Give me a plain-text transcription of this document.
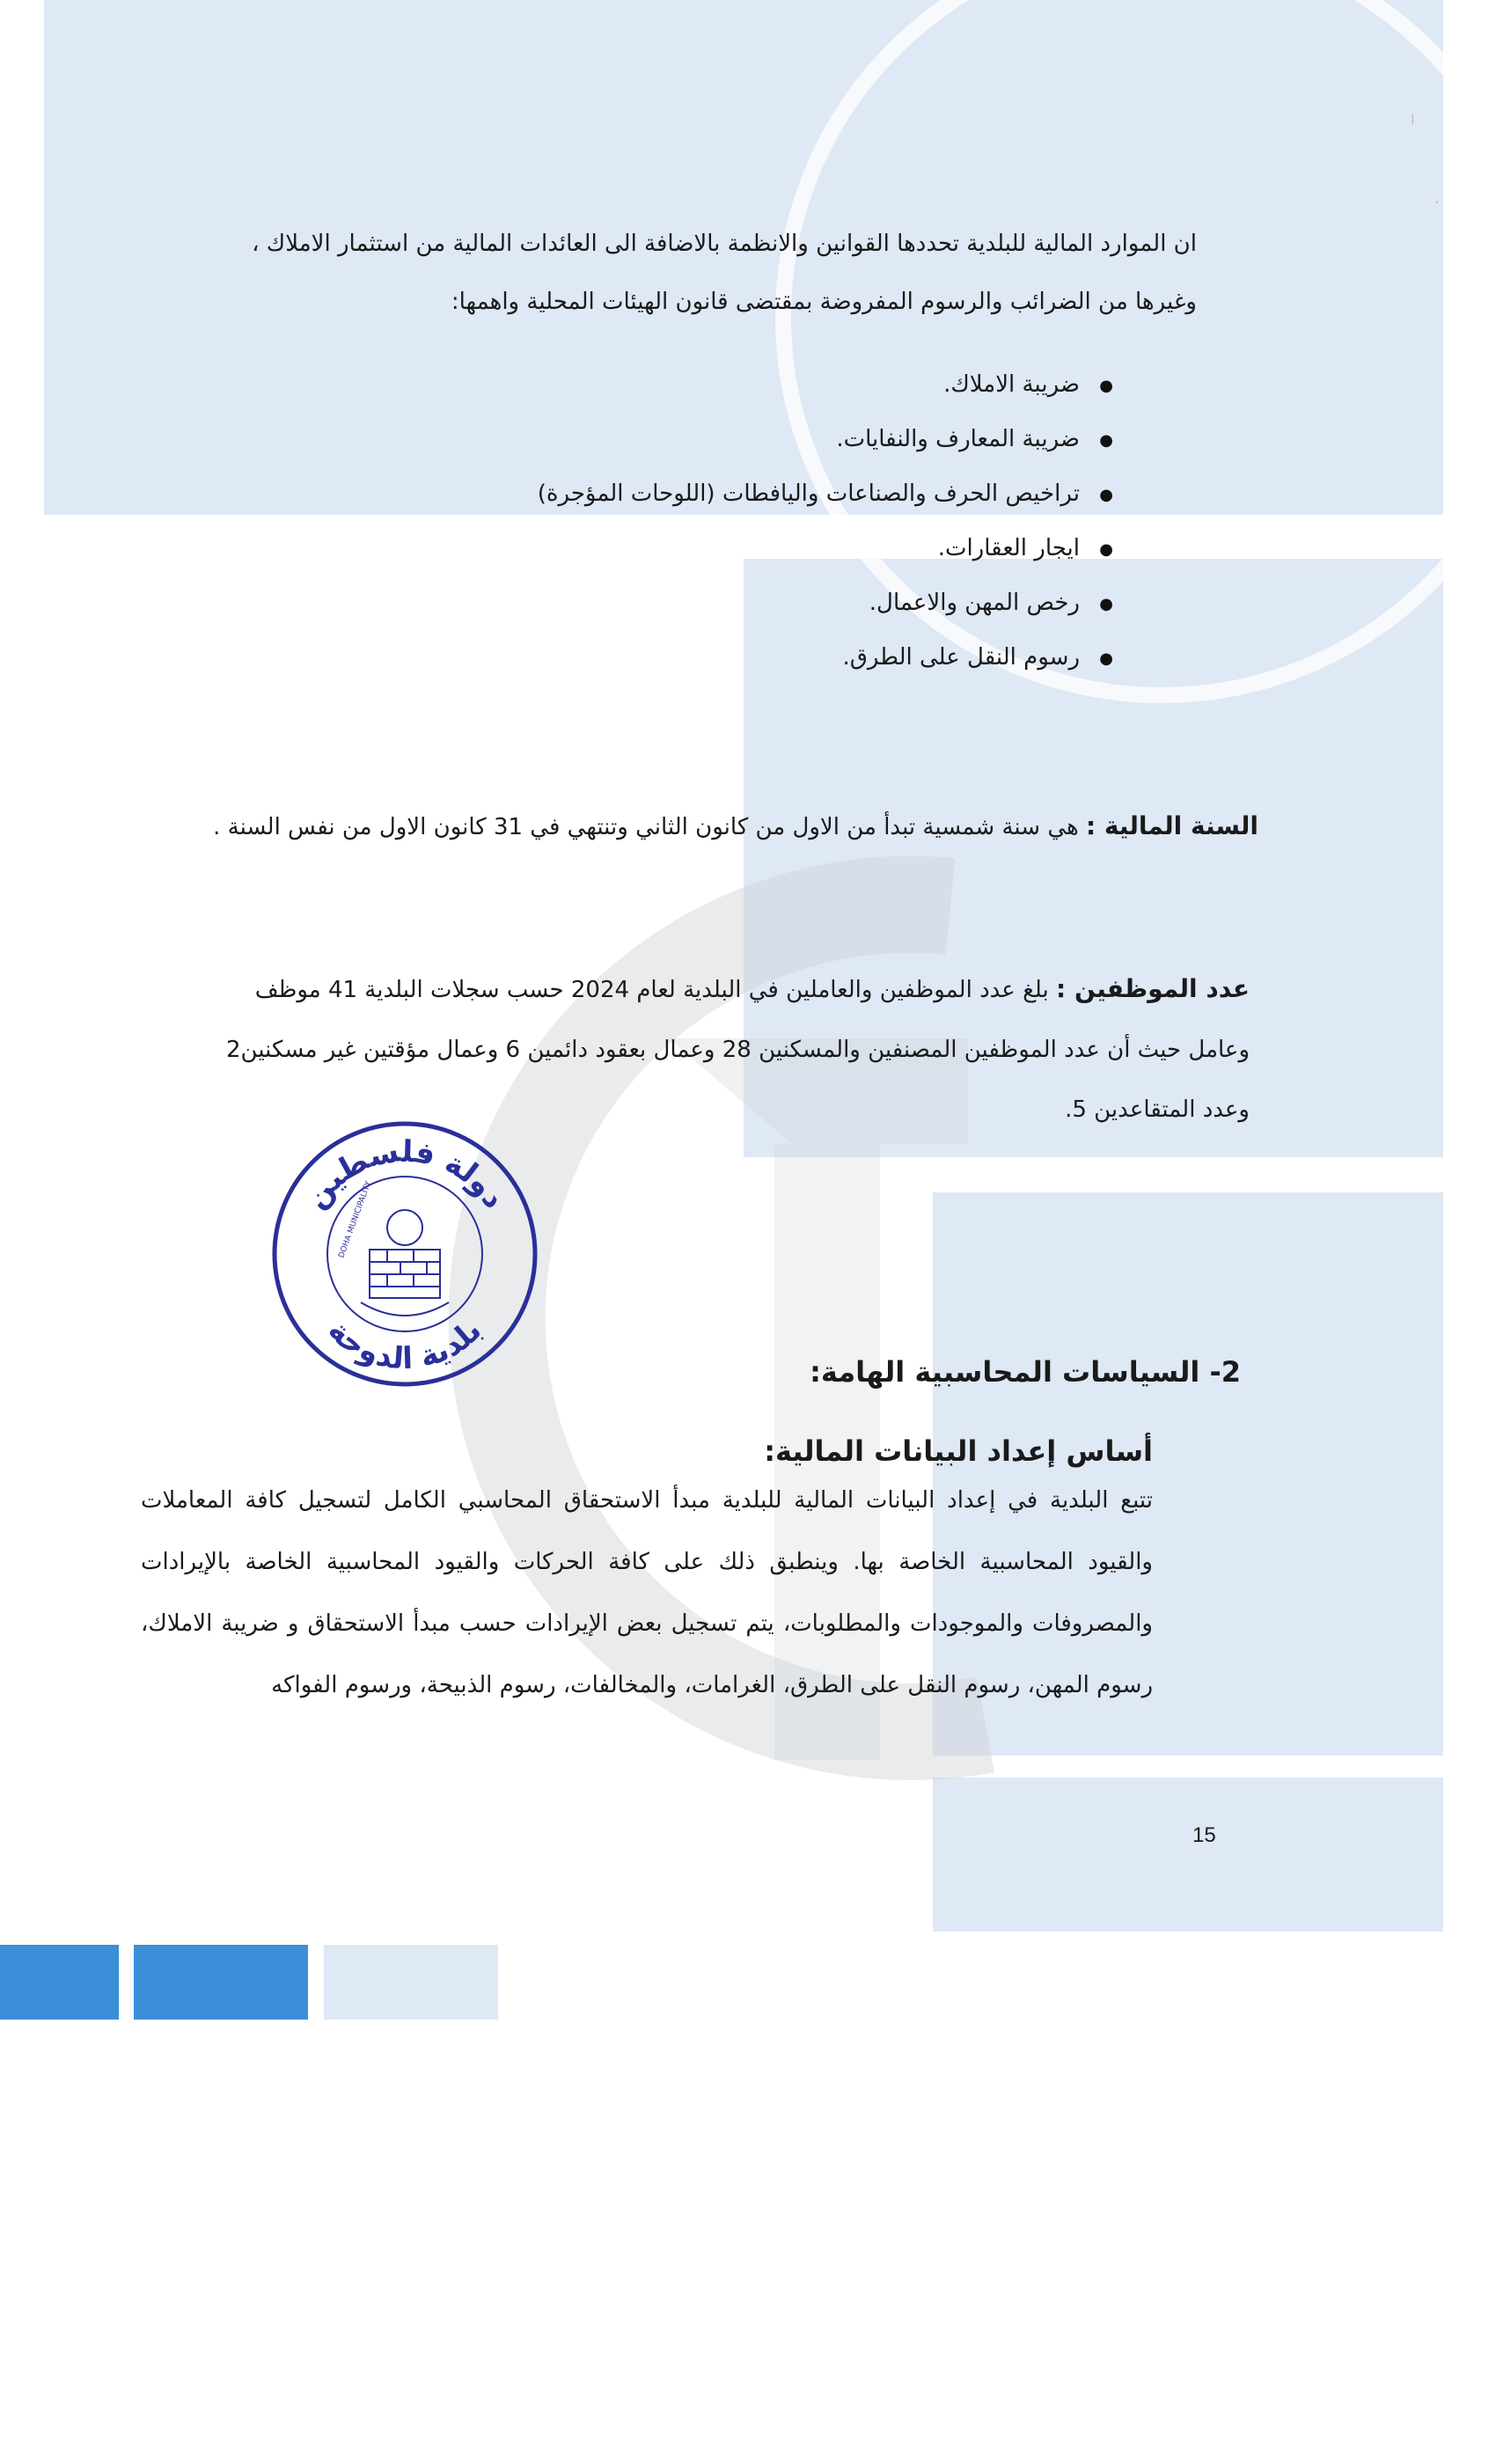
ان الموارد المالية للبلدية تحددها القوانين والانظمة بالاضافة الى العائدات المالية من استثمار الاملاك ،

وغيرها من الضرائب والرسوم المفروضة بمقتضى قانون الهيئات المحلية واهمها:

● ضريبة الاملاك.
● ضريبة المعارف والنفايات.
● تراخيص الحرف والصناعات واليافطات (اللوحات المؤجرة)
● ايجار العقارات.
● رخص المهن والاعمال.
● رسوم النقل على الطرق.
السنة المالية : هي سنة شمسية تبدأ من الاول من كانون الثاني وتنتهي في 31 كانون الاول من نفس السنة .
عدد الموظفين : بلغ عدد الموظفين والعاملين في البلدية لعام 2024 حسب سجلات البلدية 41 موظف وعامل حيث أن عدد الموظفين المصنفين والمسكنين 28 وعمال بعقود دائمين 6 وعمال مؤقتين غير مسكنين2 وعدد المتقاعدين 5.
دولة فلسطين
بلدية الدوحة
DOHA MUNICIPALITY
2- السياسات المحاسبية الهامة:
أساس إعداد البيانات المالية:
تتبع البلدية في إعداد البيانات المالية للبلدية مبدأ الاستحقاق المحاسبي الكامل لتسجيل كافة المعاملات والقيود المحاسبية الخاصة بها. وينطبق ذلك على كافة الحركات والقيود المحاسبية الخاصة بالإيرادات والمصروفات والموجودات والمطلوبات، يتم تسجيل بعض الإيرادات حسب مبدأ الاستحقاق و ضريبة الاملاك، رسوم المهن، رسوم النقل على الطرق، الغرامات، والمخالفات، رسوم الذبيحة، ورسوم الفواكه
15
╷
·
